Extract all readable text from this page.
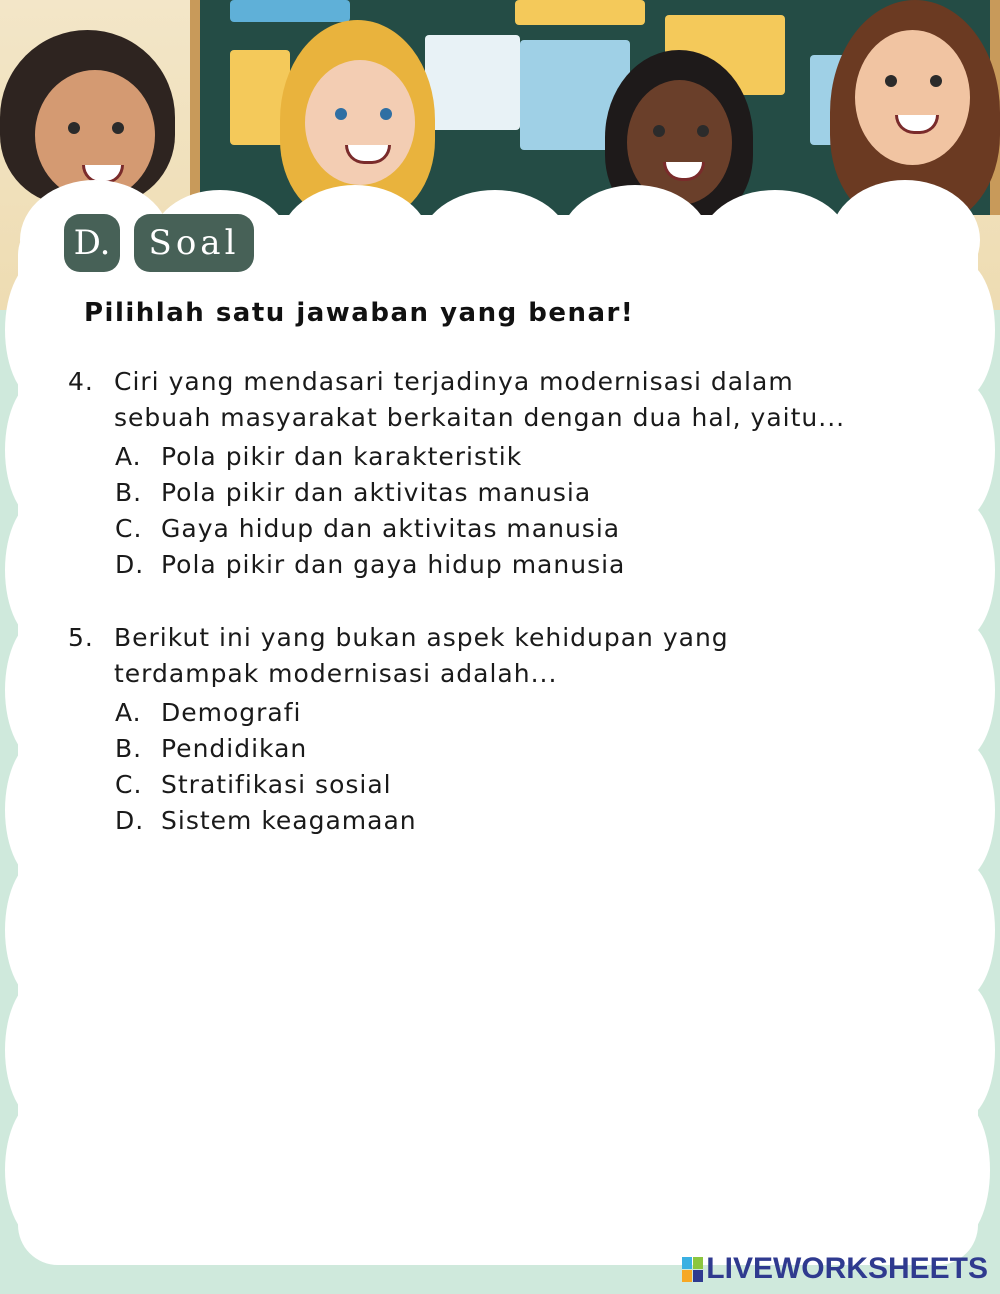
D.	Soal
Pilihlah satu jawaban yang benar!
4. Ciri yang mendasari terjadinya modernisasi dalam sebuah masyarakat berkaitan dengan dua hal, yaitu...
A. Pola pikir dan karakteristik
B. Pola pikir dan aktivitas manusia
C. Gaya hidup dan aktivitas manusia
D. Pola pikir dan gaya hidup manusia
5. Berikut ini yang bukan aspek kehidupan yang terdampak modernisasi adalah...
A. Demografi
B. Pendidikan
C. Stratifikasi sosial
D. Sistem keagamaan
LIVEWORKSHEETS
